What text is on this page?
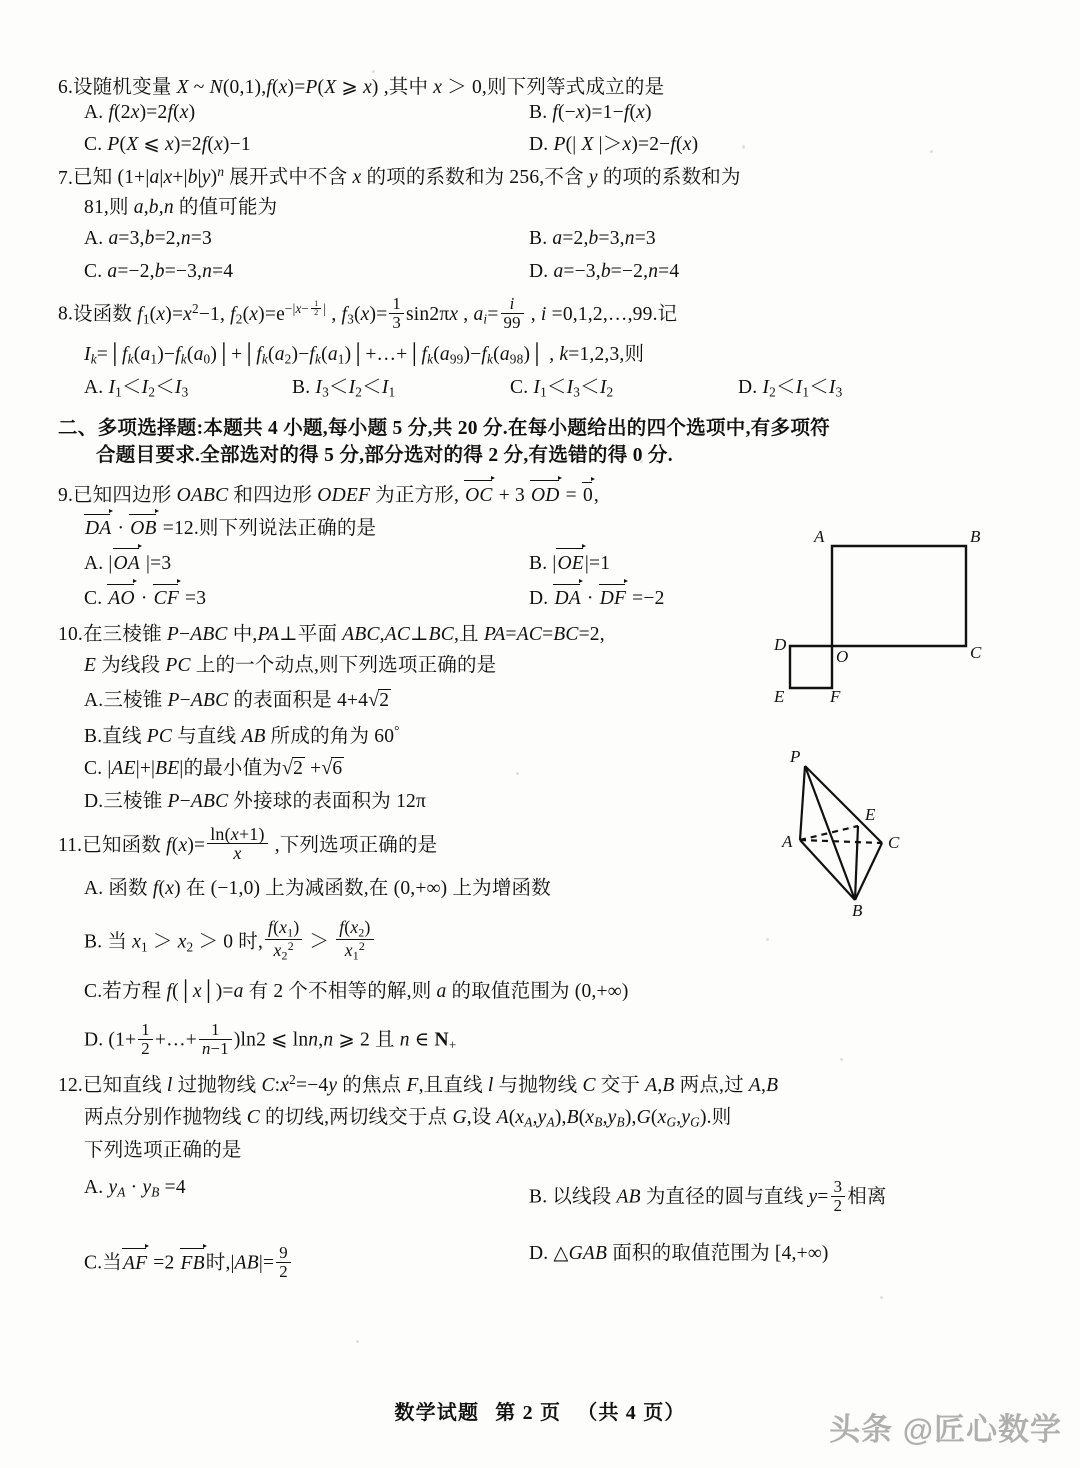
6.设随机变量 X ~ N(0,1),f(x)=P(X ⩾ x) ,其中 x ＞ 0,则下列等式成立的是
A. f(2x)=2f(x)	B. f(−x)=1−f(x)
C. P(X ⩽ x)=2f(x)−1	D. P(| X |＞x)=2−f(x)
7.已知 $(1+|a|x+|b|y)^n$ 展开式中不含 x 的项的系数和为 256,不含 y 的项的系数和为
81,则 a,b,n 的值可能为
A. a=3,b=2,n=3	B. a=2,b=3,n=3
C. a=−2,b=−3,n=4	D. a=−3,b=−2,n=4
8.设函数 $f1(x)=x^2-1$, $f2(x)=e^{-|x- \frac{1}{2} |}$ , $f3(x)= \frac{1}{3} \sin 2\pi x$ , $a_i= \frac{i}{99}$ , i =0,1,2,…,99.记
$I_k=│f_k(a1)-f_k(a0)│+│f_k(a2)-f_k(a1)│+\dots+│f_k(a99)-f_k(a98)│$ , k=1,2,3,则
A. I1＜I2＜I3	B. I3＜I2＜I1	C. I1＜I3＜I2	D. I2＜I1＜I3
二、多项选择题:本题共 4 小题,每小题 5 分,共 20 分.在每小题给出的四个选项中,有多项符
合题目要求.全部选对的得 5 分,部分选对的得 2 分,有选错的得 0 分.
9.已知四边形 OABC 和四边形 ODEF 为正方形, OC + 3 OD = 0,
DA · OB =12.则下列说法正确的是
A. |OA |=3	B. |OE|=1
C. AO · CF =3	D. DA · DF =−2
10.在三棱锥 P−ABC 中,PA⊥平面 ABC,AC⊥BC,且 PA=AC=BC=2,
E 为线段 PC 上的一个动点,则下列选项正确的是
A.三棱锥 P−ABC 的表面积是 4+4√2
B.直线 PC 与直线 AB 所成的角为 60°
C. |AE|+|BE|的最小值为√2 +√6
D.三棱锥 P−ABC 外接球的表面积为 12π
11.已知函数 $f(x)= \frac{\ln(x+1)}{x}$ ,下列选项正确的是
A. 函数 f(x) 在 (−1,0) 上为减函数,在 (0,+∞) 上为增函数
B. 当 x1 ＞ x2 ＞ 0 时, $\frac{f(x1)}{x2^2} > \frac{f(x2)}{x1^2}$
C.若方程 f(│x│)=a 有 2 个不相等的解,则 a 的取值范围为 (0,+∞)
D. ($1+ \frac{1}{2}$ +…+ $\frac{1}{n-1} )\ln 2$ ⩽ lnn,n ⩾ 2 且 n ∈ N+
12.已知直线 l 过抛物线 $C:x^2=-4y$ 的焦点 F,且直线 l 与抛物线 C 交于 A,B 两点,过 A,B
两点分别作抛物线 C 的切线,两切线交于点 G,设 $A(x_A,y_A),B(x_B,y_B),G(x_G,y_G)$.则
下列选项正确的是
A. $y_A \cdot y_B =4$	B. 以线段 AB 为直径的圆与直线 $y= \frac{3}{2}$ 相离
C.当AF =2 FB时$,|AB|= \frac{9}{2}$	D. △GAB 面积的取值范围为 [4,+∞)
A	B
D
O	C
E	F
P
E
A	C
B
数学试题 第 2 页 （共 4 页）	头条 @匠心数学
